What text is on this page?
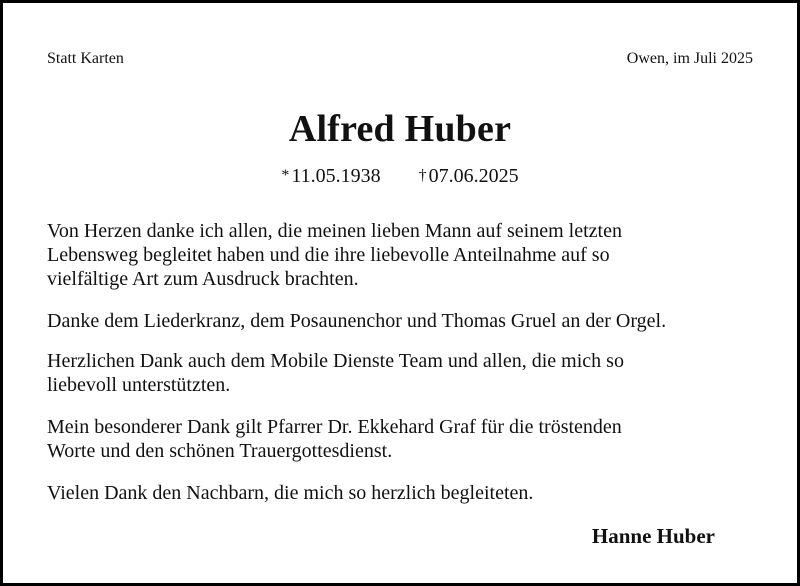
Statt Karten	Owen, im Juli 2025

Alfred Huber
* 11.05.1938 † 07.06.2025

Von Herzen danke ich allen, die meinen lieben Mann auf seinem letzten
Lebensweg begleitet haben und die ihre liebevolle Anteilnahme auf so
vielfältige Art zum Ausdruck brachten.

Danke dem Liederkranz, dem Posaunenchor und Thomas Gruel an der Orgel.

Herzlichen Dank auch dem Mobile Dienste Team und allen, die mich so
liebevoll unterstützten.

Mein besonderer Dank gilt Pfarrer Dr. Ekkehard Graf für die tröstenden
Worte und den schönen Trauergottesdienst.

Vielen Dank den Nachbarn, die mich so herzlich begleiteten.

Hanne Huber
